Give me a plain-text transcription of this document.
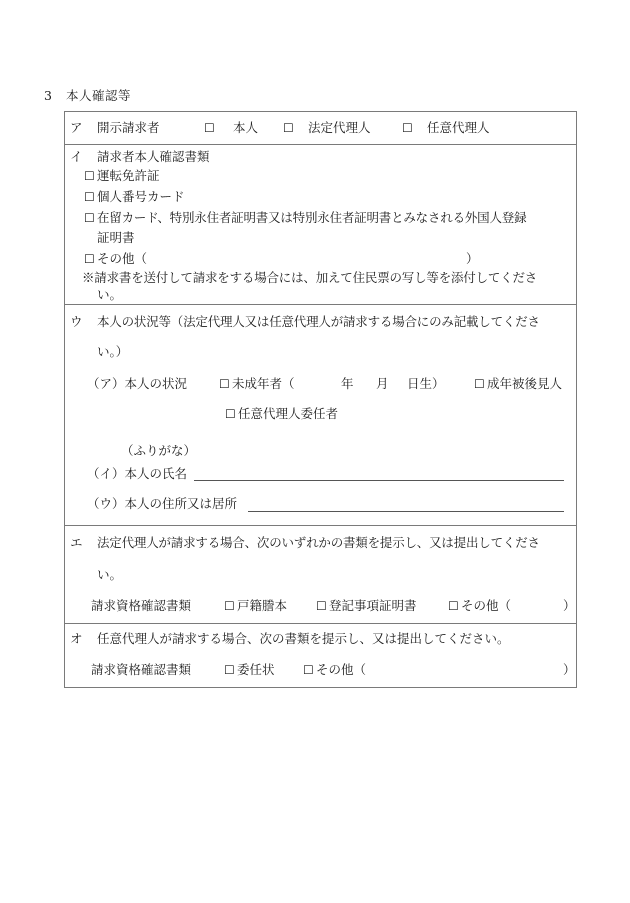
3 本人確認等
ア 開示請求者	☐ 本人 ☐ 法定代理人	☐ 任意代理人
イ 請求者本人確認書類
☐ 運転免許証
☐ 個人番号カード
☐ 在留カード、特別永住者証明書又は特別永住者証明書とみなされる外国人登録
証明書
☐ その他（	）
※請求書を送付して請求をする場合には、加えて住民票の写し等を添付してくださ
い。
ウ 本人の状況等（法定代理人又は任意代理人が請求する場合にのみ記載してくださ
い。）
（ア）本人の状況	☐ 未成年者（	年 月 日生） ☐ 成年被後見人
☐ 任意代理人委任者
（ふりがな）
（イ）本人の氏名
（ウ）本人の住所又は居所
エ 法定代理人が請求する場合、次のいずれかの書類を提示し、又は提出してくださ
い。
請求資格確認書類	☐ 戸籍謄本 ☐ 登記事項証明書	☐ その他（	）
オ 任意代理人が請求する場合、次の書類を提示し、又は提出してください。
請求資格確認書類	☐ 委任状 ☐ その他（	）
